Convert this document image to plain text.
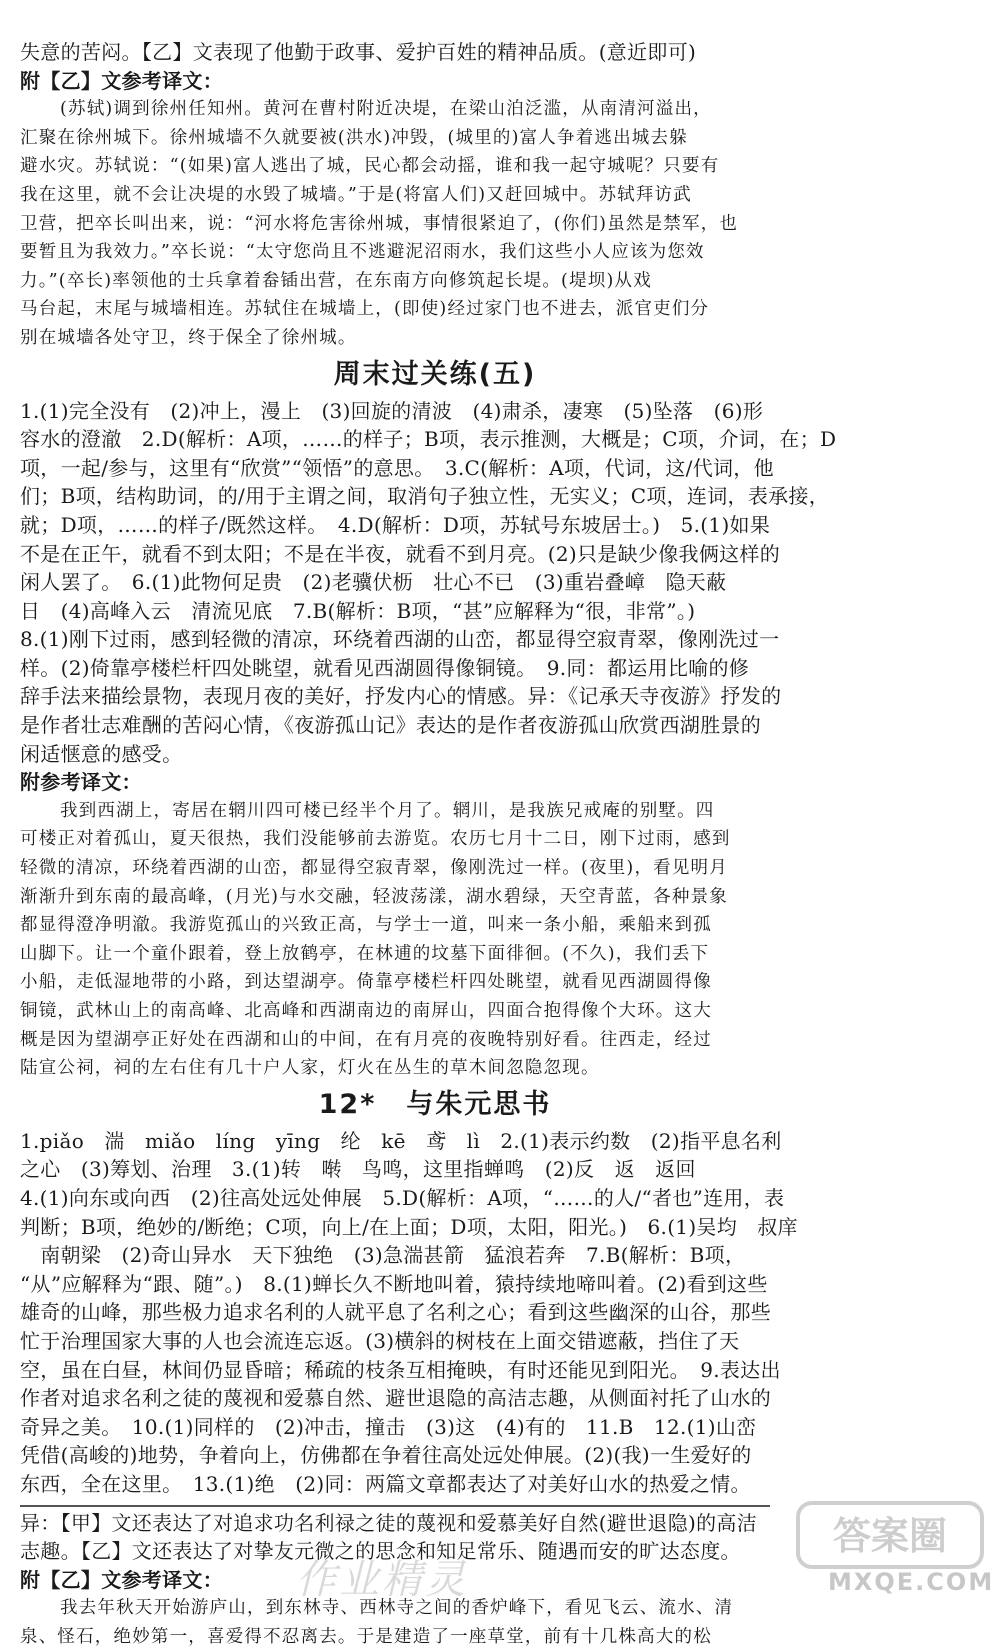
失意的苦闷。【乙】文表现了他勤于政事、爱护百姓的精神品质。(意近即可)

附【乙】文参考译文：

(苏轼)调到徐州任知州。黄河在曹村附近决堤，在梁山泊泛滥，从南清河溢出，

汇聚在徐州城下。徐州城墙不久就要被(洪水)冲毁，(城里的)富人争着逃出城去躲

避水灾。苏轼说：“(如果)富人逃出了城，民心都会动摇，谁和我一起守城呢？只要有

我在这里，就不会让决堤的水毁了城墙。”于是(将富人们)又赶回城中。苏轼拜访武

卫营，把卒长叫出来，说：“河水将危害徐州城，事情很紧迫了，(你们)虽然是禁军，也

要暂且为我效力。”卒长说：“太守您尚且不逃避泥沼雨水，我们这些小人应该为您效

力。”(卒长)率领他的士兵拿着畚锸出营，在东南方向修筑起长堤。(堤坝)从戏

马台起，末尾与城墙相连。苏轼住在城墙上，(即使)经过家门也不进去，派官吏们分

别在城墙各处守卫，终于保全了徐州城。

周末过关练(五)

1.(1)完全没有　(2)冲上，漫上　(3)回旋的清波　(4)肃杀，凄寒　(5)坠落　(6)形

容水的澄澈　2.D(解析：A项，……的样子；B项，表示推测，大概是；C项，介词，在；D

项，一起/参与，这里有“欣赏”“领悟”的意思。　3.C(解析：A项，代词，这/代词，他

们；B项，结构助词，的/用于主谓之间，取消句子独立性，无实义；C项，连词，表承接，

就；D项，……的样子/既然这样。　4.D(解析：D项，苏轼号东坡居士。)　5.(1)如果

不是在正午，就看不到太阳；不是在半夜，就看不到月亮。(2)只是缺少像我俩这样的

闲人罢了。　6.(1)此物何足贵　(2)老骥伏枥　壮心不已　(3)重岩叠嶂　隐天蔽

日　(4)高峰入云　清流见底　7.B(解析：B项，“甚”应解释为“很，非常”。)

8.(1)刚下过雨，感到轻微的清凉，环绕着西湖的山峦，都显得空寂青翠，像刚洗过一

样。(2)倚靠亭楼栏杆四处眺望，就看见西湖圆得像铜镜。　9.同：都运用比喻的修

辞手法来描绘景物，表现月夜的美好，抒发内心的情感。异：《记承天寺夜游》抒发的

是作者壮志难酬的苦闷心情，《夜游孤山记》表达的是作者夜游孤山欣赏西湖胜景的

闲适惬意的感受。

附参考译文：

我到西湖上，寄居在辋川四可楼已经半个月了。辋川，是我族兄戒庵的别墅。四

可楼正对着孤山，夏天很热，我们没能够前去游览。农历七月十二日，刚下过雨，感到

轻微的清凉，环绕着西湖的山峦，都显得空寂青翠，像刚洗过一样。(夜里)，看见明月

渐渐升到东南的最高峰，(月光)与水交融，轻波荡漾，湖水碧绿，天空青蓝，各种景象

都显得澄净明澈。我游览孤山的兴致正高，与学士一道，叫来一条小船，乘船来到孤

山脚下。让一个童仆跟着，登上放鹤亭，在林逋的坟墓下面徘徊。(不久)，我们丢下

小船，走低湿地带的小路，到达望湖亭。倚靠亭楼栏杆四处眺望，就看见西湖圆得像

铜镜，武林山上的南高峰、北高峰和西湖南边的南屏山，四面合抱得像个大环。这大

概是因为望湖亭正好处在西湖和山的中间，在有月亮的夜晚特别好看。往西走，经过

陆宣公祠，祠的左右住有几十户人家，灯火在丛生的草木间忽隐忽现。

12* 与朱元思书

1.piǎo　湍　miǎo　líng　yīng　纶　kē　鸢　lì　2.(1)表示约数　(2)指平息名利

之心　(3)筹划、治理　3.(1)转　啭　鸟鸣，这里指蝉鸣　(2)反　返　返回

4.(1)向东或向西　(2)往高处远处伸展　5.D(解析：A项，“……的人/“者也”连用，表

判断；B项，绝妙的/断绝；C项，向上/在上面；D项，太阳，阳光。)　6.(1)吴均　叔庠

　南朝梁　(2)奇山异水　天下独绝　(3)急湍甚箭　猛浪若奔　7.B(解析：B项，

“从”应解释为“跟、随”。)　8.(1)蝉长久不断地叫着，猿持续地啼叫着。(2)看到这些

雄奇的山峰，那些极力追求名利的人就平息了名利之心；看到这些幽深的山谷，那些

忙于治理国家大事的人也会流连忘返。(3)横斜的树枝在上面交错遮蔽，挡住了天

空，虽在白昼，林间仍显昏暗；稀疏的枝条互相掩映，有时还能见到阳光。　9.表达出

作者对追求名利之徒的蔑视和爱慕自然、避世退隐的高洁志趣，从侧面衬托了山水的

奇异之美。　10.(1)同样的　(2)冲击，撞击　(3)这　(4)有的　11.B　12.(1)山峦

凭借(高峻的)地势，争着向上，仿佛都在争着往高处远处伸展。(2)(我)一生爱好的

东西，全在这里。　13.(1)绝　(2)同：两篇文章都表达了对美好山水的热爱之情。

异：【甲】文还表达了对追求功名利禄之徒的蔑视和爱慕美好自然(避世退隐)的高洁

志趣。【乙】文还表达了对挚友元微之的思念和知足常乐、随遇而安的旷达态度。

附【乙】文参考译文：

我去年秋天开始游庐山，到东林寺、西林寺之间的香炉峰下，看见飞云、流水、清

泉、怪石，绝妙第一，喜爱得不忍离去。于是建造了一座草堂，前有十几株高大的松

作业精灵
答案圈
MXQE.COM
